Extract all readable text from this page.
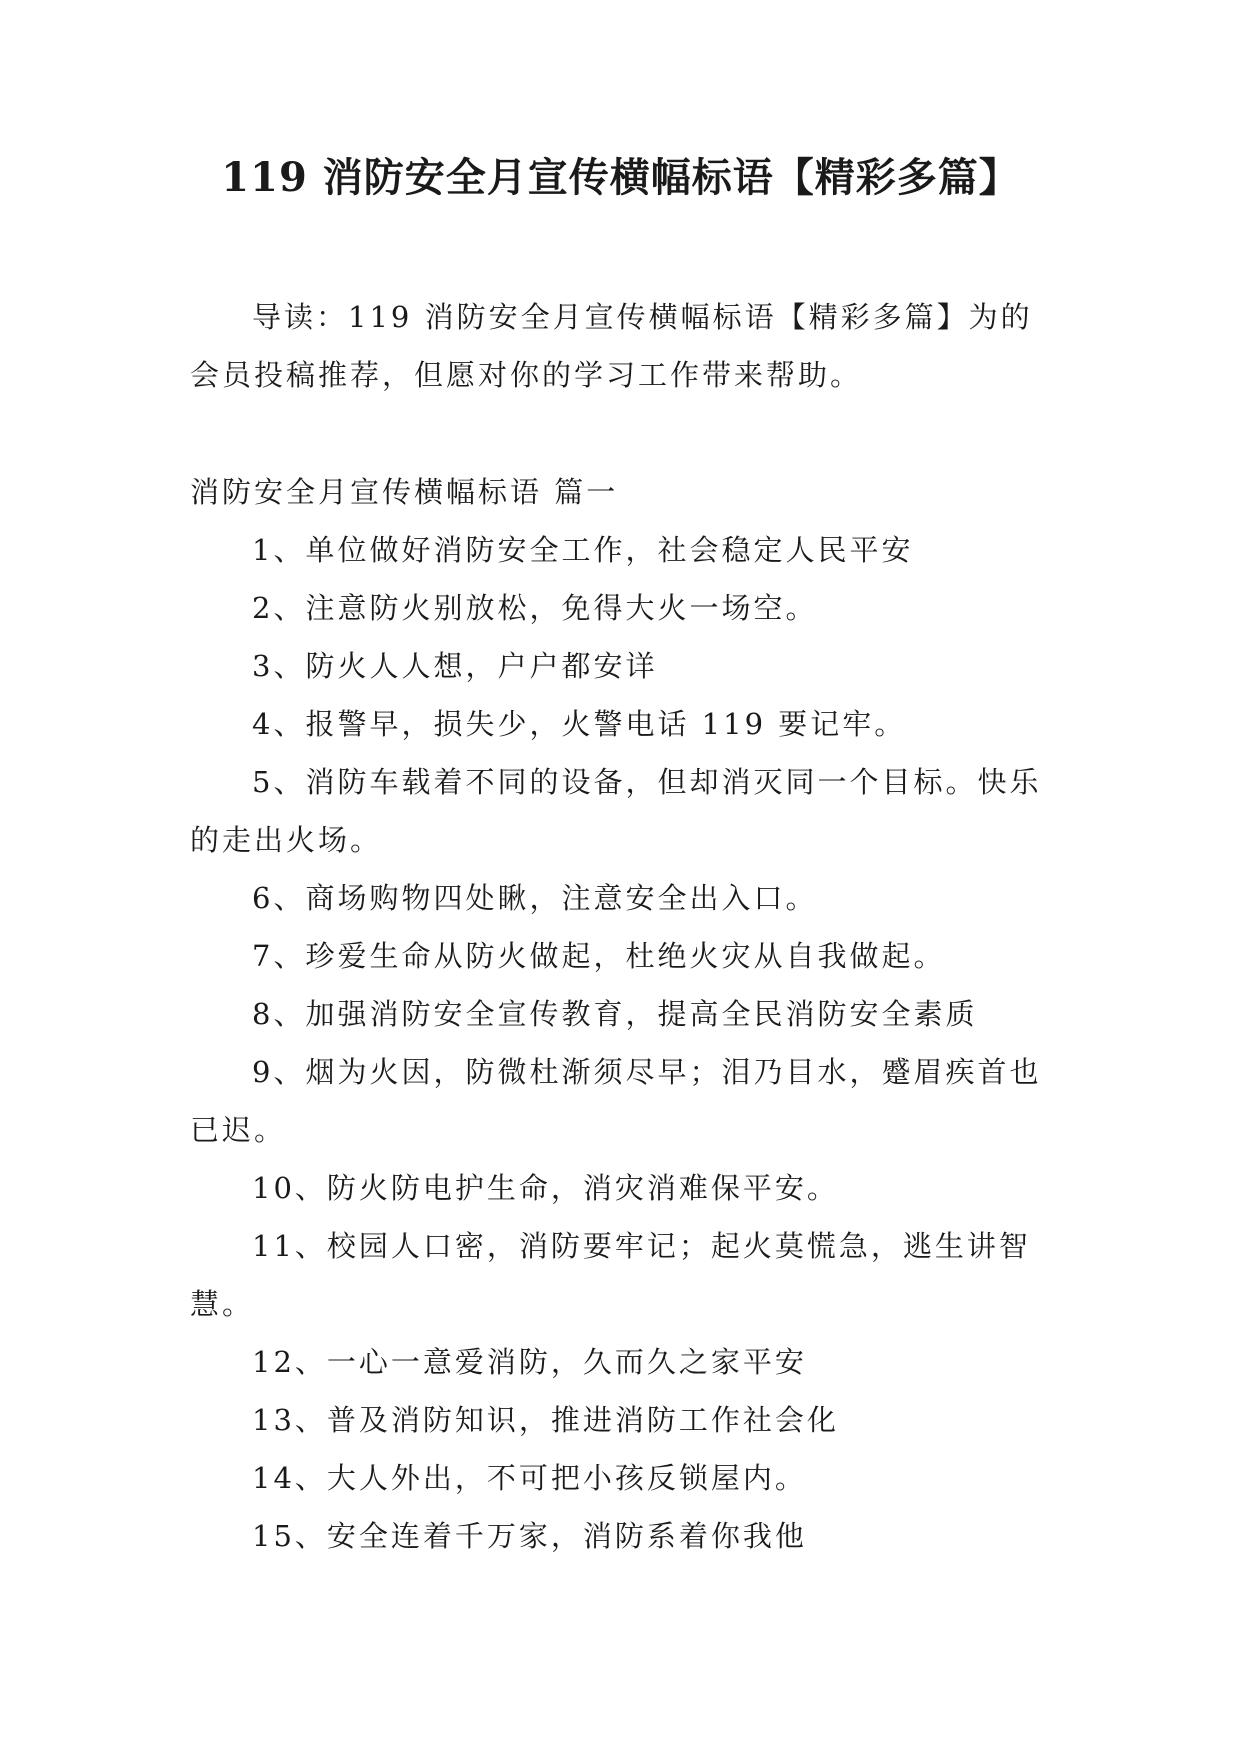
119 消防安全月宣传横幅标语【精彩多篇】

导读：119 消防安全月宣传横幅标语【精彩多篇】为的会员投稿推荐，但愿对你的学习工作带来帮助。

消防安全月宣传横幅标语 篇一

1、单位做好消防安全工作，社会稳定人民平安

2、注意防火别放松，免得大火一场空。

3、防火人人想，户户都安详

4、报警早，损失少，火警电话 119 要记牢。

5、消防车载着不同的设备，但却消灭同一个目标。快乐的走出火场。

6、商场购物四处瞅，注意安全出入口。

7、珍爱生命从防火做起，杜绝火灾从自我做起。

8、加强消防安全宣传教育，提高全民消防安全素质

9、烟为火因，防微杜渐须尽早；泪乃目水，蹙眉疾首也已迟。

10、防火防电护生命，消灾消难保平安。

11、校园人口密，消防要牢记；起火莫慌急，逃生讲智慧。

12、一心一意爱消防，久而久之家平安

13、普及消防知识，推进消防工作社会化

14、大人外出，不可把小孩反锁屋内。

15、安全连着千万家，消防系着你我他
